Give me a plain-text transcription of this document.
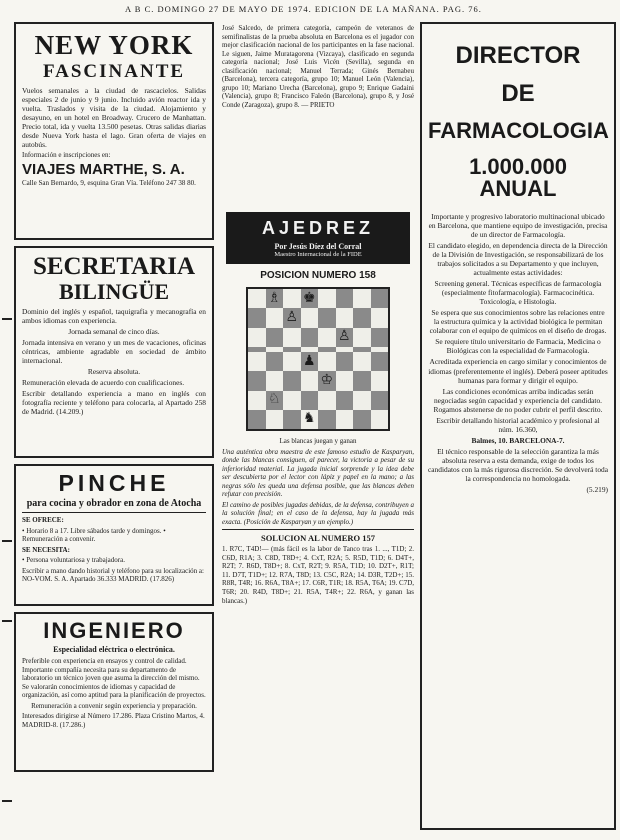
A B C. DOMINGO 27 DE MAYO DE 1974. EDICION DE LA MAÑANA. PAG. 76.
NEW YORK
FASCINANTE

Vuelos semanales a la ciudad de rascacielos. Salidas especiales 2 de junio y 9 junio. Incluido avión reactor ida y vuelta. Traslados y visita de la ciudad. Alojamiento y desayuno, en un hotel en Broadway. Crucero de Manhattan. Precio total, ida y vuelta 13.500 pesetas. Otras salidas diarias desde Nueva York hasta el lago. Gran oferta de viajes en autobús.

Información e inscripciones en:

VIAJES MARTHE, S. A.

Calle San Bernardo, 9, esquina Gran Vía. Teléfono 247 38 80.

SECRETARIA
BILINGÜE

Dominio del inglés y español, taquigrafía y mecanografía en ambos idiomas con experiencia.

Jornada semanal de cinco días.

Jornada intensiva en verano y un mes de vacaciones, oficinas céntricas, ambiente agradable en sociedad de ámbito internacional.

Reserva absoluta.

Remuneración elevada de acuerdo con cualificaciones.

Escribir detallando experiencia a mano en inglés con fotografía reciente y teléfono para colocarla, al Apartado 258 de Madrid. (14.209.)

PINCHE
para cocina y obrador en zona de Atocha

SE OFRECE:

• Horario 8 a 17. Libre sábados tarde y domingos. • Remuneración a convenir.

SE NECESITA:

• Persona voluntariosa y trabajadora.

Escribir a mano dando historial y teléfono para su localización a: NO-VOM. S. A. Apartado 36.333 MADRID. (17.826)

INGENIERO
Especialidad eléctrica o electrónica.

Preferible con experiencia en ensayos y control de calidad. Importante compañía necesita para su departamento de laboratorio un técnico joven que asuma la dirección del mismo. Se valorarán conocimientos de idiomas y capacidad de organización, así como aptitud para la planificación de proyectos.

Remuneración a convenir según experiencia y preparación.

Interesados dirigirse al Número 17.286. Plaza Cristino Martos, 4. MADRID-8. (17.286.)

José Salcedo, de primera categoría, campeón de veteranos de semifinalistas de la prueba absoluta en Barcelona es el jugador con mejor clasificación nacional de los participantes en la fase nacional. Le siguen, Jaime Muratagorena (Vizcaya), clasificado en segunda categoría nacional; José Luis Vicén (Sevilla), segunda en clasificación nacional; Manuel Terrada; Ginés Bernabeu (Barcelona), tercera categoría, grupo 10; Manuel León (Valencia), grupo 10; Mariano Urecha (Barcelona), grupo 9; Enrique Gadaini (Valencia), grupo 8; Francisco Faleón (Barcelona), grupo 8, y José Conde (Zaragoza), grupo 8. — PRIETO

AJEDREZ
Por Jesús Díez del Corral
Maestro Internacional de la FIDE
POSICION NUMERO 158
♗ ♚
♙
♙
♟
♔
♘
♞

Las blancas juegan y ganan

Una auténtica obra maestra de este famoso estudio de Kasparyan, donde las blancas consiguen, al parecer, la victoria a pesar de su inferioridad material. La jugada inicial sorprende y la idea debe ser descubierta por el lector con lápiz y papel en la mano; a las negras sólo les queda una defensa posible, que las blancas deben refutar con precisión.

El camino de posibles jugadas debidas, de la defensa, contribuyen a la solución final; en el caso de la defensa, hay la jugada más exacta. (Posición de Kasparyan y un ejemplo.)

SOLUCION AL NUMERO 157

1. R7C, T4D!— (más fácil es la labor de Tanco tras 1. ..., T1D; 2. C6D, R1A; 3. C8D, T8D+; 4. CxT, R2A; 5. R5D, T1D; 6. D4T+, R2T; 7. R6D, T8D+; 8. CxT, R2T; 9. R5A, T1D; 10. D2T+, R1T; 11. D7T, T1D+; 12. R7A, T8D; 13. C5C, R2A; 14. D3R, T2D+; 15. R8R, T4R; 16. R6A, T8A+; 17. C6R, T1R; 18. R5A, T6A; 19. C7D, T6R; 20. R4D, T8D+; 21. R5A, T4R+; 22. R6A, y ganan las blancas.)

DIRECTOR
DE
FARMACOLOGIA
1.000.000 ANUAL

Importante y progresivo laboratorio multinacional ubicado en Barcelona, que mantiene equipo de investigación, precisa de un director de Farmacología.

El candidato elegido, en dependencia directa de la Dirección de la División de Investigación, se responsabilizará de los trabajos solicitados a su Departamento y que incluyen, actualmente estas actividades:

Screening general. Técnicas específicas de farmacología (especialmente fitofarmacología). Farmacocinética. Toxicología, e Histología.

Se espera que sus conocimientos sobre las relaciones entre la estructura química y la actividad biológica le permitan colaborar con el equipo de químicos en el diseño de drogas.

Se requiere título universitario de Farmacia, Medicina o Biológicas con la especialidad de Farmacología.

Acreditada experiencia en cargo similar y conocimientos de idiomas (preferentemente el inglés). Deberá poseer aptitudes humanas para formar y dirigir el equipo.

Las condiciones económicas arriba indicadas serán negociadas según capacidad y experiencia del candidato. Rogamos abstenerse de no poder cubrir el perfil descrito.

Escribir detallando historial académico y profesional al núm. 16.360,

Balmes, 10. BARCELONA-7.

El técnico responsable de la selección garantiza la más absoluta reserva a esta demanda, exige de todos los candidatos con la más rigurosa discreción. Se devolverá toda la correspondencia no homologada.

(5.219)
